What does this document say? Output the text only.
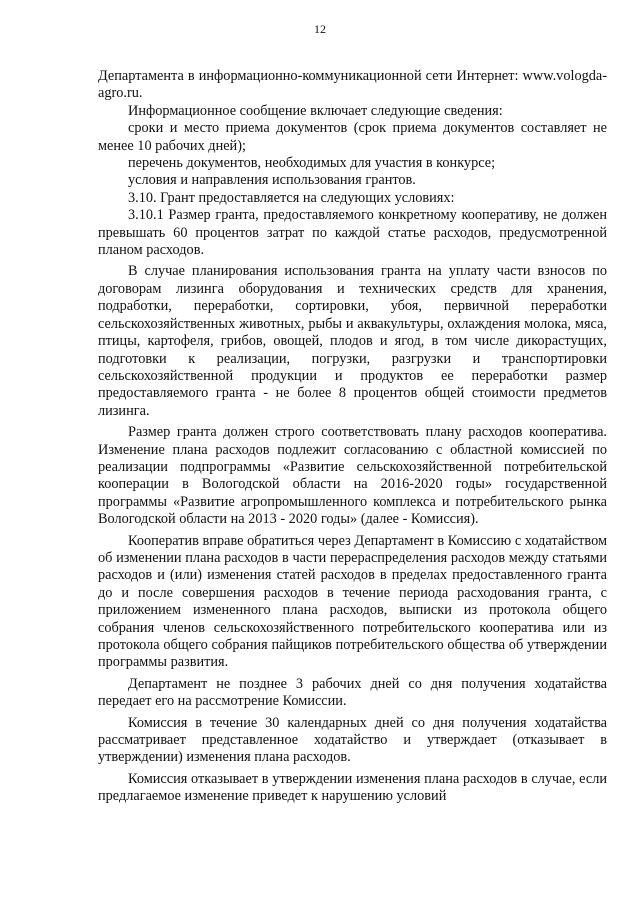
12

Департамента в информационно-коммуникационной сети Интернет: www.vologda-agro.ru.

Информационное сообщение включает следующие сведения:

сроки и место приема документов (срок приема документов составляет не менее 10 рабочих дней);

перечень документов, необходимых для участия в конкурсе;

условия и направления использования грантов.

3.10. Грант предоставляется на следующих условиях:

3.10.1 Размер гранта, предоставляемого конкретному кооперативу, не должен превышать 60 процентов затрат по каждой статье расходов, предусмотренной планом расходов.

В случае планирования использования гранта на уплату части взносов по договорам лизинга оборудования и технических средств для хранения, подработки, переработки, сортировки, убоя, первичной переработки сельскохозяйственных животных, рыбы и аквакультуры, охлаждения молока, мяса, птицы, картофеля, грибов, овощей, плодов и ягод, в том числе дикорастущих, подготовки к реализации, погрузки, разгрузки и транспортировки сельскохозяйственной продукции и продуктов ее переработки размер предоставляемого гранта - не более 8 процентов общей стоимости предметов лизинга.

Размер гранта должен строго соответствовать плану расходов кооператива. Изменение плана расходов подлежит согласованию с областной комиссией по реализации подпрограммы «Развитие сельскохозяйственной потребительской кооперации в Вологодской области на 2016-2020 годы» государственной программы «Развитие агропромышленного комплекса и потребительского рынка Вологодской области на 2013 - 2020 годы» (далее - Комиссия).

Кооператив вправе обратиться через Департамент в Комиссию с ходатайством об изменении плана расходов в части перераспределения расходов между статьями расходов и (или) изменения статей расходов в пределах предоставленного гранта до и после совершения расходов в течение периода расходования гранта, с приложением измененного плана расходов, выписки из протокола общего собрания членов сельскохозяйственного потребительского кооператива или из протокола общего собрания пайщиков потребительского общества об утверждении программы развития.

Департамент не позднее 3 рабочих дней со дня получения ходатайства передает его на рассмотрение Комиссии.

Комиссия в течение 30 календарных дней со дня получения ходатайства рассматривает представленное ходатайство и утверждает (отказывает в утверждении) изменения плана расходов.

Комиссия отказывает в утверждении изменения плана расходов в случае, если предлагаемое изменение приведет к нарушению условий
